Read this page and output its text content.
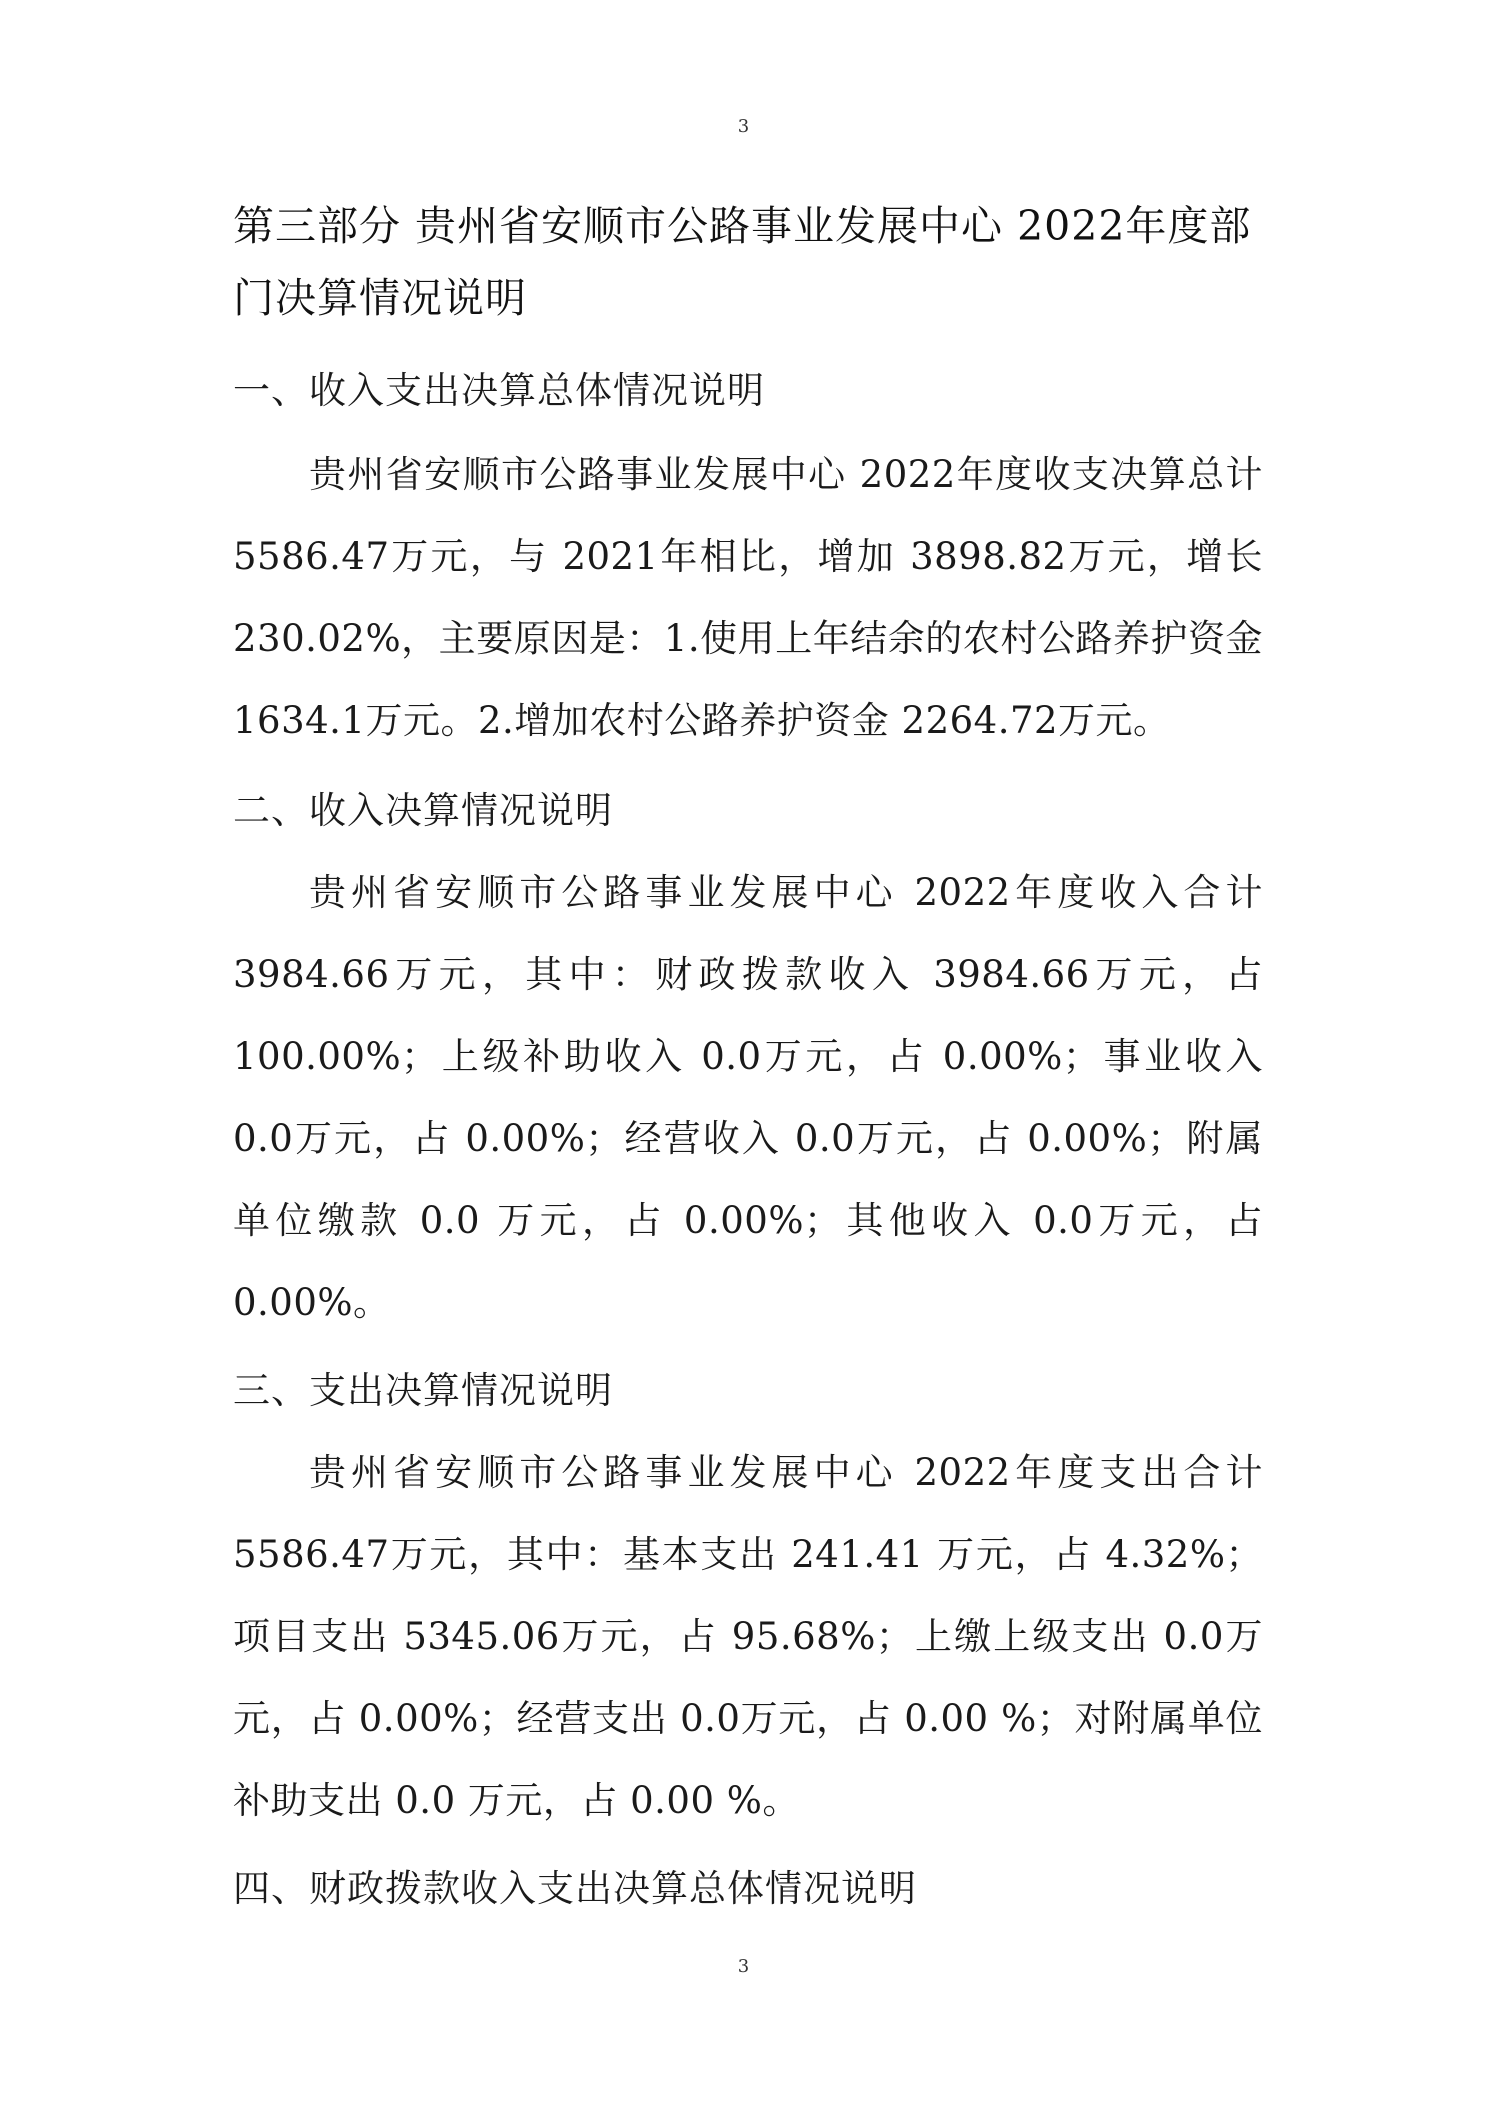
3
第三部分 贵州省安顺市公路事业发展中心 2022年度部门决算情况说明
一、收入支出决算总体情况说明

贵州省安顺市公路事业发展中心 2022年度收支决算总计 5586.47万元，与 2021年相比，增加 3898.82万元，增长 230.02%，主要原因是：1.使用上年结余的农村公路养护资金 1634.1万元。2.增加农村公路养护资金 2264.72万元。

二、收入决算情况说明

贵州省安顺市公路事业发展中心 2022年度收入合计 3984.66万元，其中：财政拨款收入 3984.66万元，占 100.00%；上级补助收入 0.0万元，占 0.00%；事业收入 0.0万元，占 0.00%；经营收入 0.0万元，占 0.00%；附属单位缴款 0.0 万元，占 0.00%；其他收入 0.0万元，占 0.00%。

三、支出决算情况说明

贵州省安顺市公路事业发展中心 2022年度支出合计 5586.47万元，其中：基本支出 241.41 万元，占 4.32%；项目支出 5345.06万元，占 95.68%；上缴上级支出 0.0万元，占 0.00%；经营支出 0.0万元，占 0.00 %；对附属单位补助支出 0.0 万元，占 0.00 %。

四、财政拨款收入支出决算总体情况说明
3
